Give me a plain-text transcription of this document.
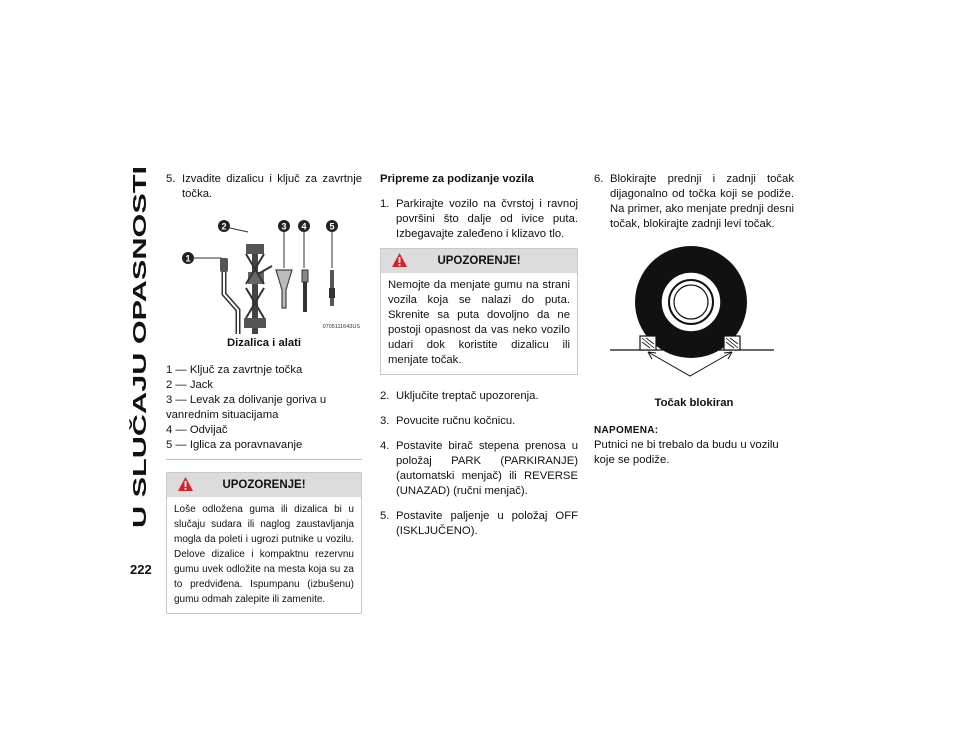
U SLUČAJU OPASNOSTI
222
5. Izvadite dizalicu i ključ za zavrtnje točka.
1
2	3 4	5
0705111643US
Dizalica i alati

1 — Ključ za zavrtnje točka

2 — Jack

3 — Levak za dolivanje goriva u vanrednim situacijama

4 — Odvijač

5 — Iglica za poravnavanje

UPOZORENJE!
Loše odložena guma ili dizalica bi u slučaju sudara ili naglog zaustavljanja mogla da poleti i ugrozi putnike u vozilu. Delove dizalice i kompaktnu rezervnu gumu uvek odložite na mesta koja su za to predviđena. Ispumpanu (izbušenu) gumu odmah zalepite ili zamenite.

Pripreme za podizanje vozila

1. Parkirajte vozilo na čvrstoj i ravnoj površini što dalje od ivice puta. Izbegavajte zaleđeno i klizavo tlo.
UPOZORENJE!
Nemojte da menjate gumu na strani vozila koja se nalazi do puta. Skrenite sa puta dovoljno da ne postoji opasnost da vas neko vozilo udari dok koristite dizalicu ili menjate točak.
2. Uključite treptač upozorenja.
3. Povucite ručnu kočnicu.
4. Postavite birač stepena prenosa u položaj PARK (PARKIRANJE) (automatski menjač) ili REVERSE (UNAZAD) (ručni menjač).
5. Postavite paljenje u položaj OFF (ISKLJUČENO).
6. Blokirajte prednji i zadnji točak dijagonalno od točka koji se podiže. Na primer, ako menjate prednji desni točak, blokirajte zadnji levi točak.
Točak blokiran
NAPOMENA:

Putnici ne bi trebalo da budu u vozilu koje se podiže.
